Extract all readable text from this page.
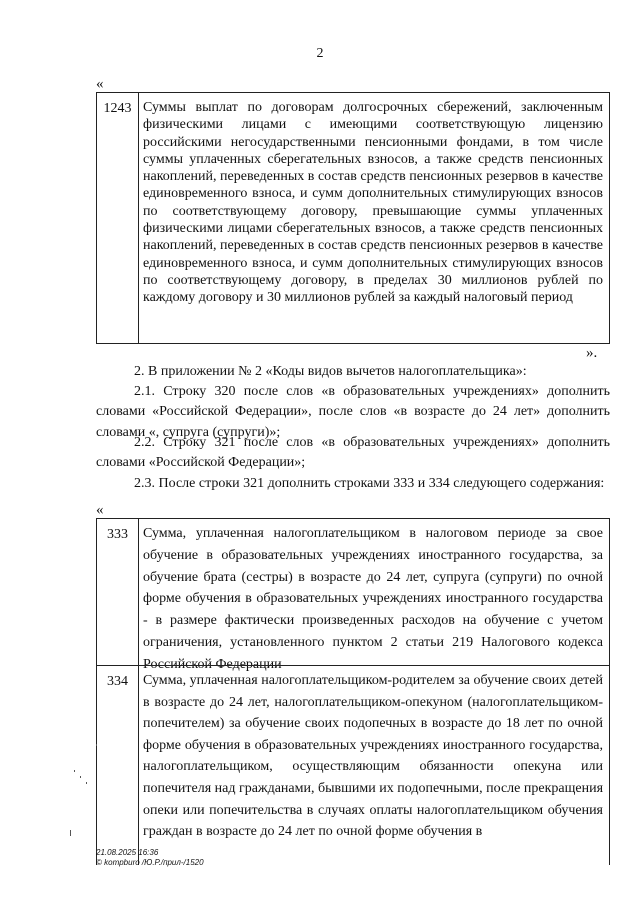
2
«
1243 Суммы выплат по договорам долгосрочных сбережений, заключенным физическими лицами с имеющими соответствующую лицензию российскими негосударственными пенсионными фондами, в том числе суммы уплаченных сберегательных взносов, а также средств пенсионных накоплений, переведенных в состав средств пенсионных резервов в качестве единовременного взноса, и сумм дополнительных стимулирующих взносов по соответствующему договору, превышающие суммы уплаченных физическими лицами сберегательных взносов, а также средств пенсионных накоплений, переведенных в состав средств пенсионных резервов в качестве единовременного взноса, и сумм дополнительных стимулирующих взносов по соответствующему договору, в пределах 30 миллионов рублей по каждому договору и 30 миллионов рублей за каждый налоговый период
».
2. В приложении № 2 «Коды видов вычетов налогоплательщика»:
2.1. Строку 320 после слов «в образовательных учреждениях» дополнить словами «Российской Федерации», после слов «в возрасте до 24 лет» дополнить словами «, супруга (супруги)»;
2.2. Строку 321 после слов «в образовательных учреждениях» дополнить словами «Российской Федерации»;
2.3. После строки 321 дополнить строками 333 и 334 следующего содержания:
«
333	Сумма, уплаченная налогоплательщиком в налоговом периоде за свое обучение в образовательных учреждениях иностранного государства, за обучение брата (сестры) в возрасте до 24 лет, супруга (супруги) по очной форме обучения в образовательных учреждениях иностранного государства - в размере фактически произведенных расходов на обучение с учетом ограничения, установленного пунктом 2 статьи 219 Налогового кодекса Российской Федерации
334	Сумма, уплаченная налогоплательщиком-родителем за обучение своих детей в возрасте до 24 лет, налогоплательщиком-опекуном (налогоплательщиком-попечителем) за обучение своих подопечных в возрасте до 18 лет по очной форме обучения в образовательных учреждениях иностранного государства, налогоплательщиком, осуществляющим обязанности опекуна или попечителя над гражданами, бывшими их подопечными, после прекращения опеки или попечительства в случаях оплаты налогоплательщиком обучения граждан в возрасте до 24 лет по очной форме обучения в
21.08.2025 16:36
© kompburo /Ю.Р./прил-/1520
